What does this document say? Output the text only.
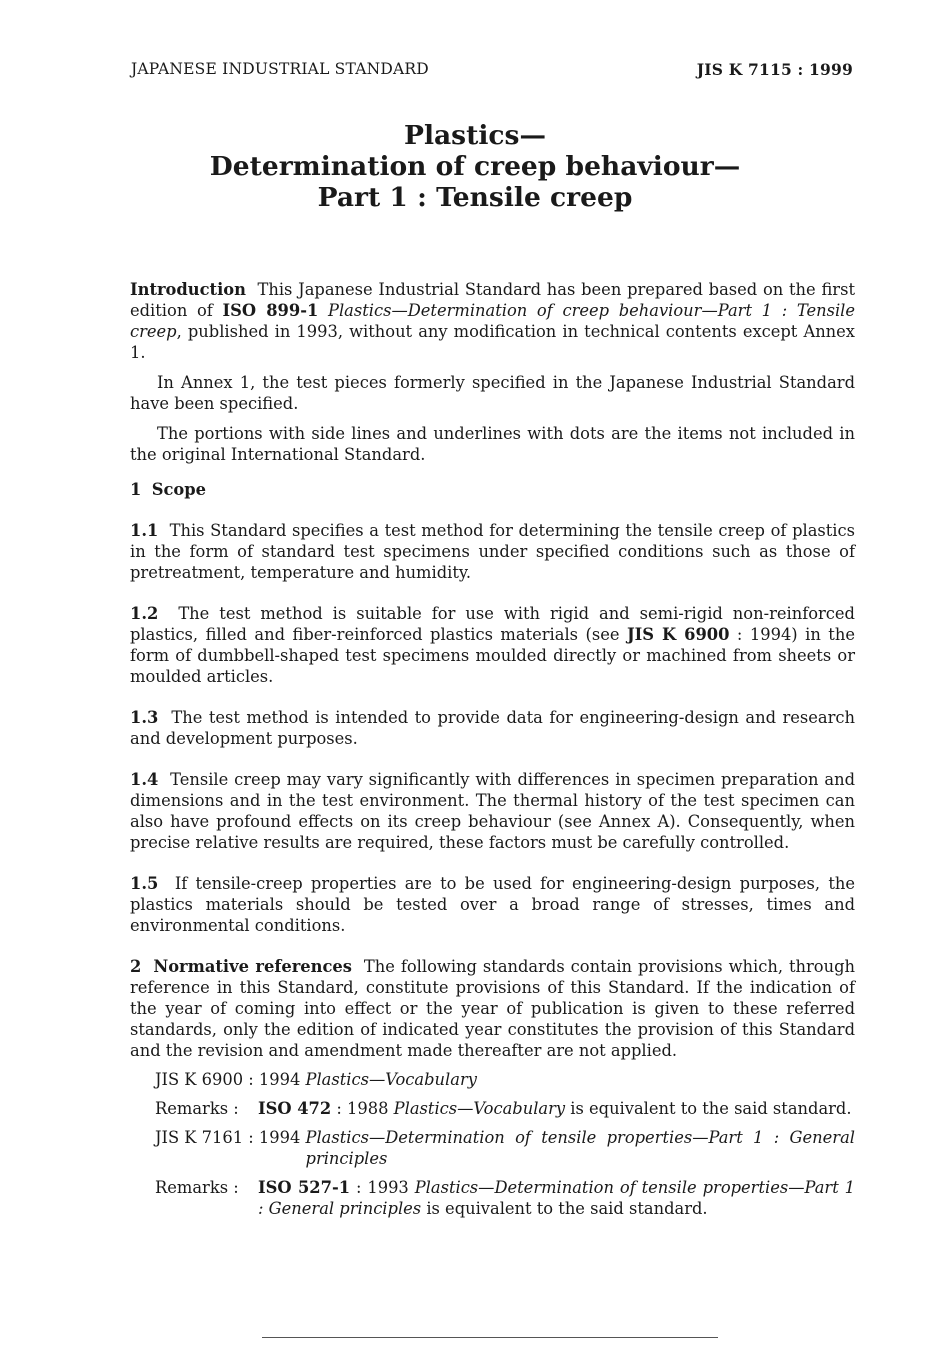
JAPANESE INDUSTRIAL STANDARD	JIS K 7115 : 1999
Plastics—
Determination of creep behaviour—
Part 1 : Tensile creep

Introduction This Japanese Industrial Standard has been prepared based on the first edition of ISO 899-1 Plastics—Determination of creep behaviour—Part 1 : Tensile creep, published in 1993, without any modification in technical contents except Annex 1.

In Annex 1, the test pieces formerly specified in the Japanese Industrial Standard have been specified.

The portions with side lines and underlines with dots are the items not included in the original International Standard.

1 Scope

1.1 This Standard specifies a test method for determining the tensile creep of plastics in the form of standard test specimens under specified conditions such as those of pretreatment, temperature and humidity.

1.2 The test method is suitable for use with rigid and semi-rigid non-reinforced plastics, filled and fiber-reinforced plastics materials (see JIS K 6900 : 1994) in the form of dumbbell-shaped test specimens moulded directly or machined from sheets or moulded articles.

1.3 The test method is intended to provide data for engineering-design and research and development purposes.

1.4 Tensile creep may vary significantly with differences in specimen preparation and dimensions and in the test environment. The thermal history of the test specimen can also have profound effects on its creep behaviour (see Annex A). Consequently, when precise relative results are required, these factors must be carefully controlled.

1.5 If tensile-creep properties are to be used for engineering-design purposes, the plastics materials should be tested over a broad range of stresses, times and environmental conditions.

2 Normative references The following standards contain provisions which, through reference in this Standard, constitute provisions of this Standard. If the indication of the year of coming into effect or the year of publication is given to these referred standards, only the edition of indicated year constitutes the provision of this Standard and the revision and amendment made thereafter are not applied.

JIS K 6900 : 1994 Plastics—Vocabulary
Remarks :	ISO 472 : 1988 Plastics—Vocabulary is equivalent to the said standard.
JIS K 7161 : 1994 Plastics—Determination of tensile properties—Part 1 : General principles
Remarks :	ISO 527-1 : 1993 Plastics—Determination of tensile properties—Part 1 : General principles is equivalent to the said standard.
